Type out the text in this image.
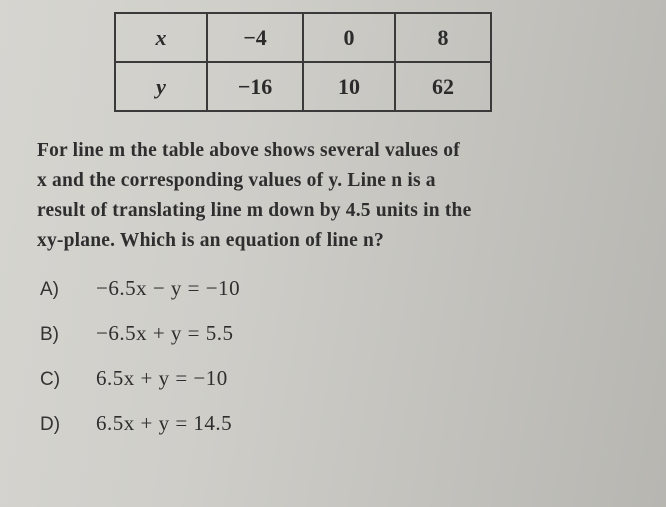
x	−4	0	8
y	−16	10	62
For line m the table above shows several values of
x and the corresponding values of y. Line n is a
result of translating line m down by 4.5 units in the
xy-plane. Which is an equation of line n?
A)	−6.5x − y = −10
B)	−6.5x + y = 5.5
C)	6.5x + y = −10
D)	6.5x + y = 14.5
